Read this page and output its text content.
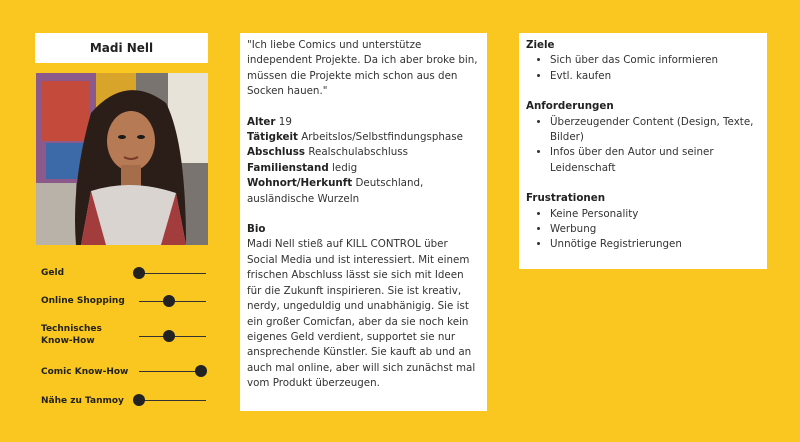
Madi Nell
Geld
Online Shopping
Technisches Know-How
Comic Know-How
Nähe zu Tanmoy

"Ich liebe Comics und unterstütze independent Projekte. Da ich aber broke bin, müssen die Projekte mich schon aus den Socken hauen."

Alter 19

Tätigkeit Arbeitslos/Selbstfindungsphase

Abschluss Realschulabschluss

Familienstand ledig

Wohnort/Herkunft Deutschland, ausländische Wurzeln

Bio

Madi Nell stieß auf KILL CONTROL über Social Media und ist interessiert. Mit einem frischen Abschluss lässt sie sich mit Ideen für die Zukunft inspirieren. Sie ist kreativ, nerdy, ungeduldig und unabhänigig. Sie ist ein großer Comicfan, aber da sie noch kein eigenes Geld verdient, supportet sie nur ansprechende Künstler. Sie kauft ab und an auch mal online, aber will sich zunächst mal vom Produkt überzeugen.

Ziele
• Sich über das Comic informieren
• Evtl. kaufen
Anforderungen
• Überzeugender Content (Design, Texte, Bilder)
• Infos über den Autor und seiner Leidenschaft
Frustrationen
• Keine Personality
• Werbung
• Unnötige Registrierungen
